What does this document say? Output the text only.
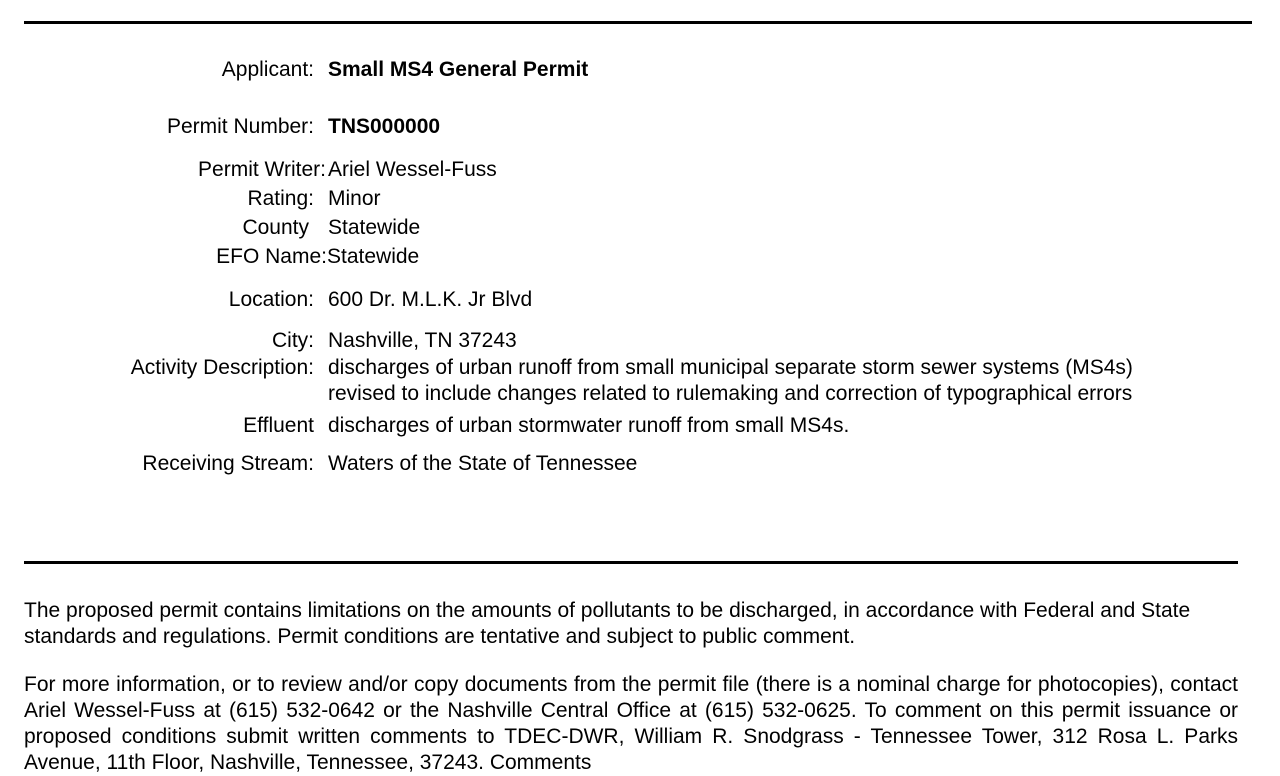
Applicant: Small MS4 General Permit
Permit Number: TNS000000
Permit Writer: Ariel Wessel-Fuss
Rating: Minor
County Statewide
EFO Name: Statewide
Location: 600 Dr. M.L.K. Jr Blvd
City: Nashville, TN 37243
Activity Description: discharges of urban runoff from small municipal separate storm sewer systems (MS4s)
revised to include changes related to rulemaking and correction of typographical errors
Effluent discharges of urban stormwater runoff from small MS4s.
Receiving Stream: Waters of the State of Tennessee

The proposed permit contains limitations on the amounts of pollutants to be discharged, in accordance with Federal and State standards and regulations. Permit conditions are tentative and subject to public comment.

For more information, or to review and/or copy documents from the permit file (there is a nominal charge for photocopies), contact Ariel Wessel-Fuss at (615) 532-0642 or the Nashville Central Office at (615) 532-0625. To comment on this permit issuance or proposed conditions submit written comments to TDEC-DWR, William R. Snodgrass - Tennessee Tower, 312 Rosa L. Parks Avenue, 11th Floor, Nashville, Tennessee, 37243. Comments
